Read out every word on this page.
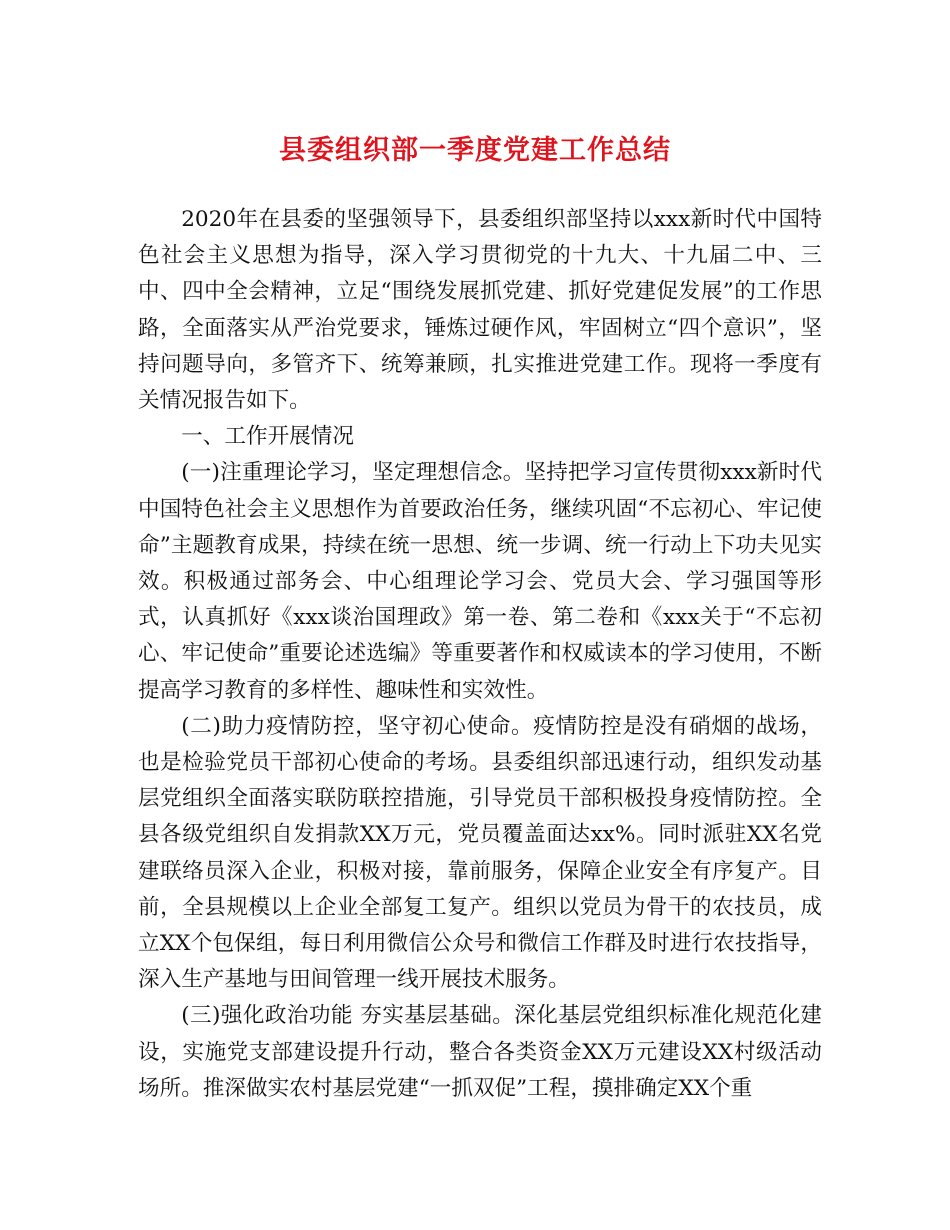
县委组织部一季度党建工作总结

2020年在县委的坚强领导下，县委组织部坚持以xxx新时代中国特色社会主义思想为指导，深入学习贯彻党的十九大、十九届二中、三中、四中全会精神，立足“围绕发展抓党建、抓好党建促发展”的工作思路，全面落实从严治党要求，锤炼过硬作风，牢固树立“四个意识”，坚持问题导向，多管齐下、统筹兼顾，扎实推进党建工作。现将一季度有关情况报告如下。

一、工作开展情况

(一)注重理论学习，坚定理想信念。坚持把学习宣传贯彻xxx新时代中国特色社会主义思想作为首要政治任务，继续巩固“不忘初心、牢记使命”主题教育成果，持续在统一思想、统一步调、统一行动上下功夫见实效。积极通过部务会、中心组理论学习会、党员大会、学习强国等形式，认真抓好《xxx谈治国理政》第一卷、第二卷和《xxx关于“不忘初心、牢记使命”重要论述选编》等重要著作和权威读本的学习使用，不断提高学习教育的多样性、趣味性和实效性。

(二)助力疫情防控，坚守初心使命。疫情防控是没有硝烟的战场，也是检验党员干部初心使命的考场。县委组织部迅速行动，组织发动基层党组织全面落实联防联控措施，引导党员干部积极投身疫情防控。全县各级党组织自发捐款XX万元，党员覆盖面达xx%。同时派驻XX名党建联络员深入企业，积极对接，靠前服务，保障企业安全有序复产。目前，全县规模以上企业全部复工复产。组织以党员为骨干的农技员，成立XX个包保组，每日利用微信公众号和微信工作群及时进行农技指导，深入生产基地与田间管理一线开展技术服务。

(三)强化政治功能 夯实基层基础。深化基层党组织标准化规范化建设，实施党支部建设提升行动，整合各类资金XX万元建设XX村级活动场所。推深做实农村基层党建“一抓双促”工程，摸排确定XX个重
